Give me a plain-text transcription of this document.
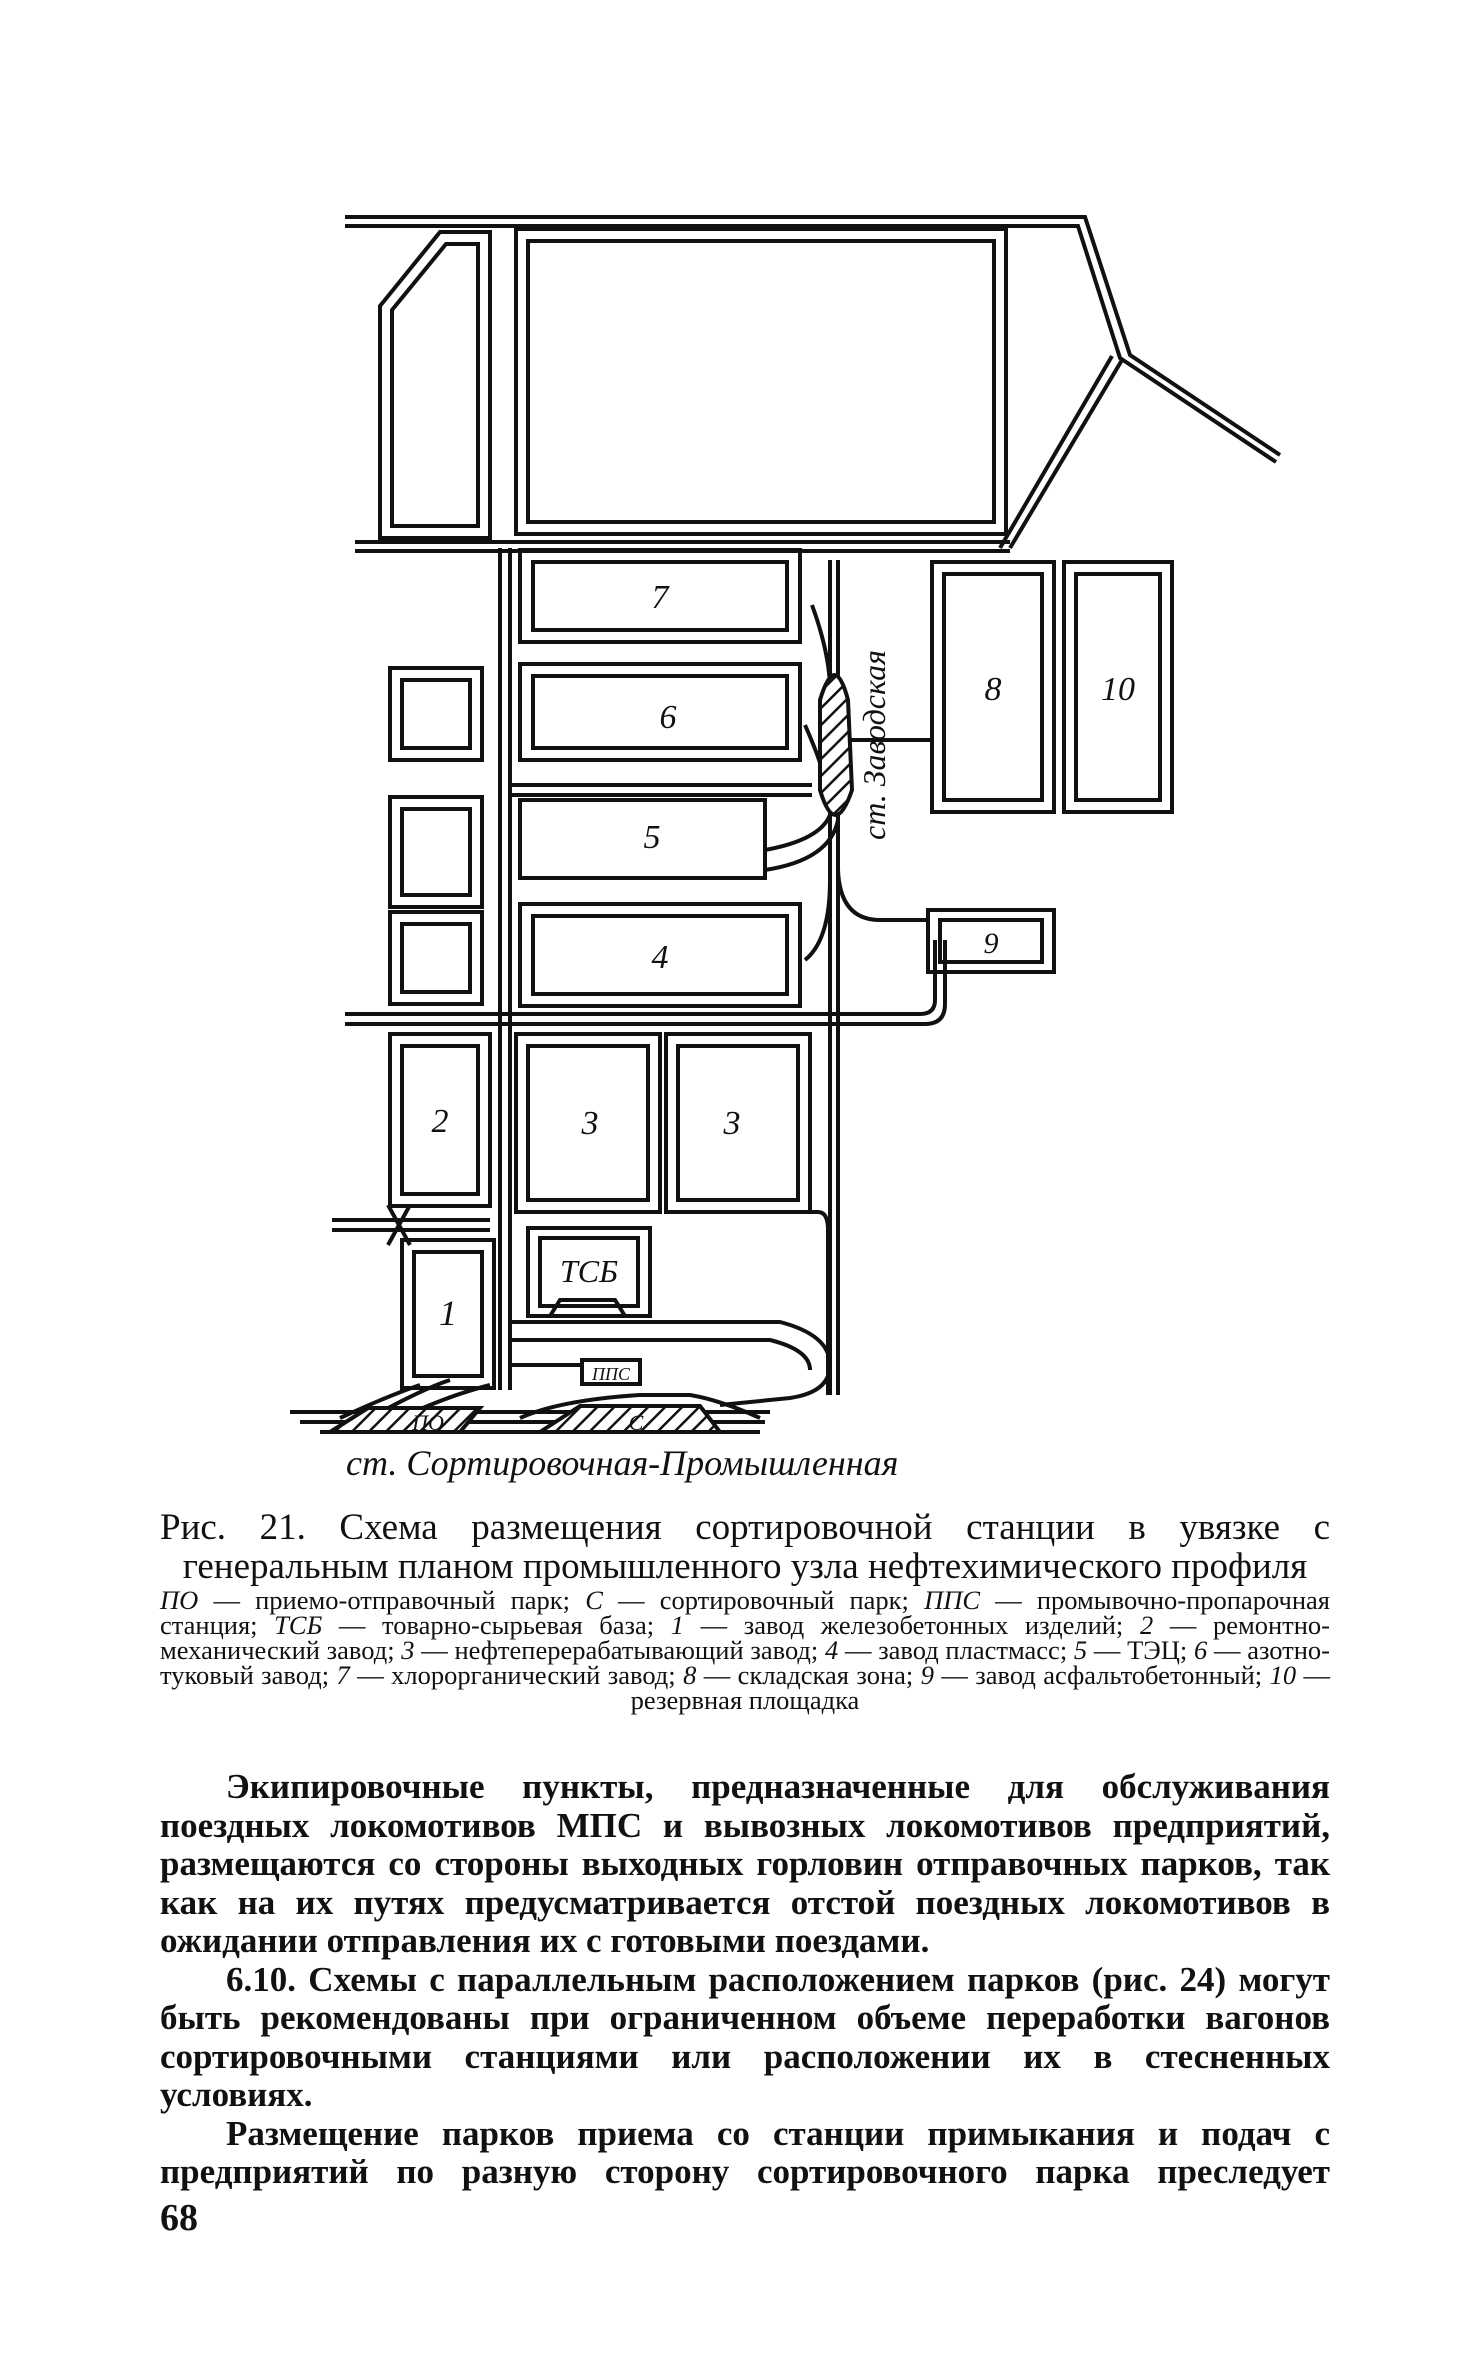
7
6
5
4
8	10
9
2	3	3
ТСБ
1
ППС
ПО	С
ст. Заводская
ст. Сортировочная-Промышленная

Рис. 21. Схема размещения сортировочной станции в увязке с генеральным планом промышленного узла нефтехимического профиля

ПО — приемо-отправочный парк; С — сортировочный парк; ППС — промывочно-пропарочная станция; ТСБ — товарно-сырьевая база; 1 — завод железобетонных изделий; 2 — ремонтно-механический завод; 3 — нефтеперерабатывающий завод; 4 — завод пластмасс; 5 — ТЭЦ; 6 — азотно-туковый завод; 7 — хлорорганический завод; 8 — складская зона; 9 — завод асфальтобетонный; 10 — резервная площадка

Экипировочные пункты, предназначенные для обслуживания поездных локомотивов МПС и вывозных локомотивов предприятий, размещаются со стороны выходных горловин отправочных парков, так как на их путях предусматривается отстой поездных локомотивов в ожидании отправления их с готовыми поездами.

6.10. Схемы с параллельным расположением парков (рис. 24) могут быть рекомендованы при ограниченном объеме переработки вагонов сортировочными станциями или расположении их в стесненных условиях.

Размещение парков приема со станции примыкания и подач с предприятий по разную сторону сортировочного парка преследует

68
